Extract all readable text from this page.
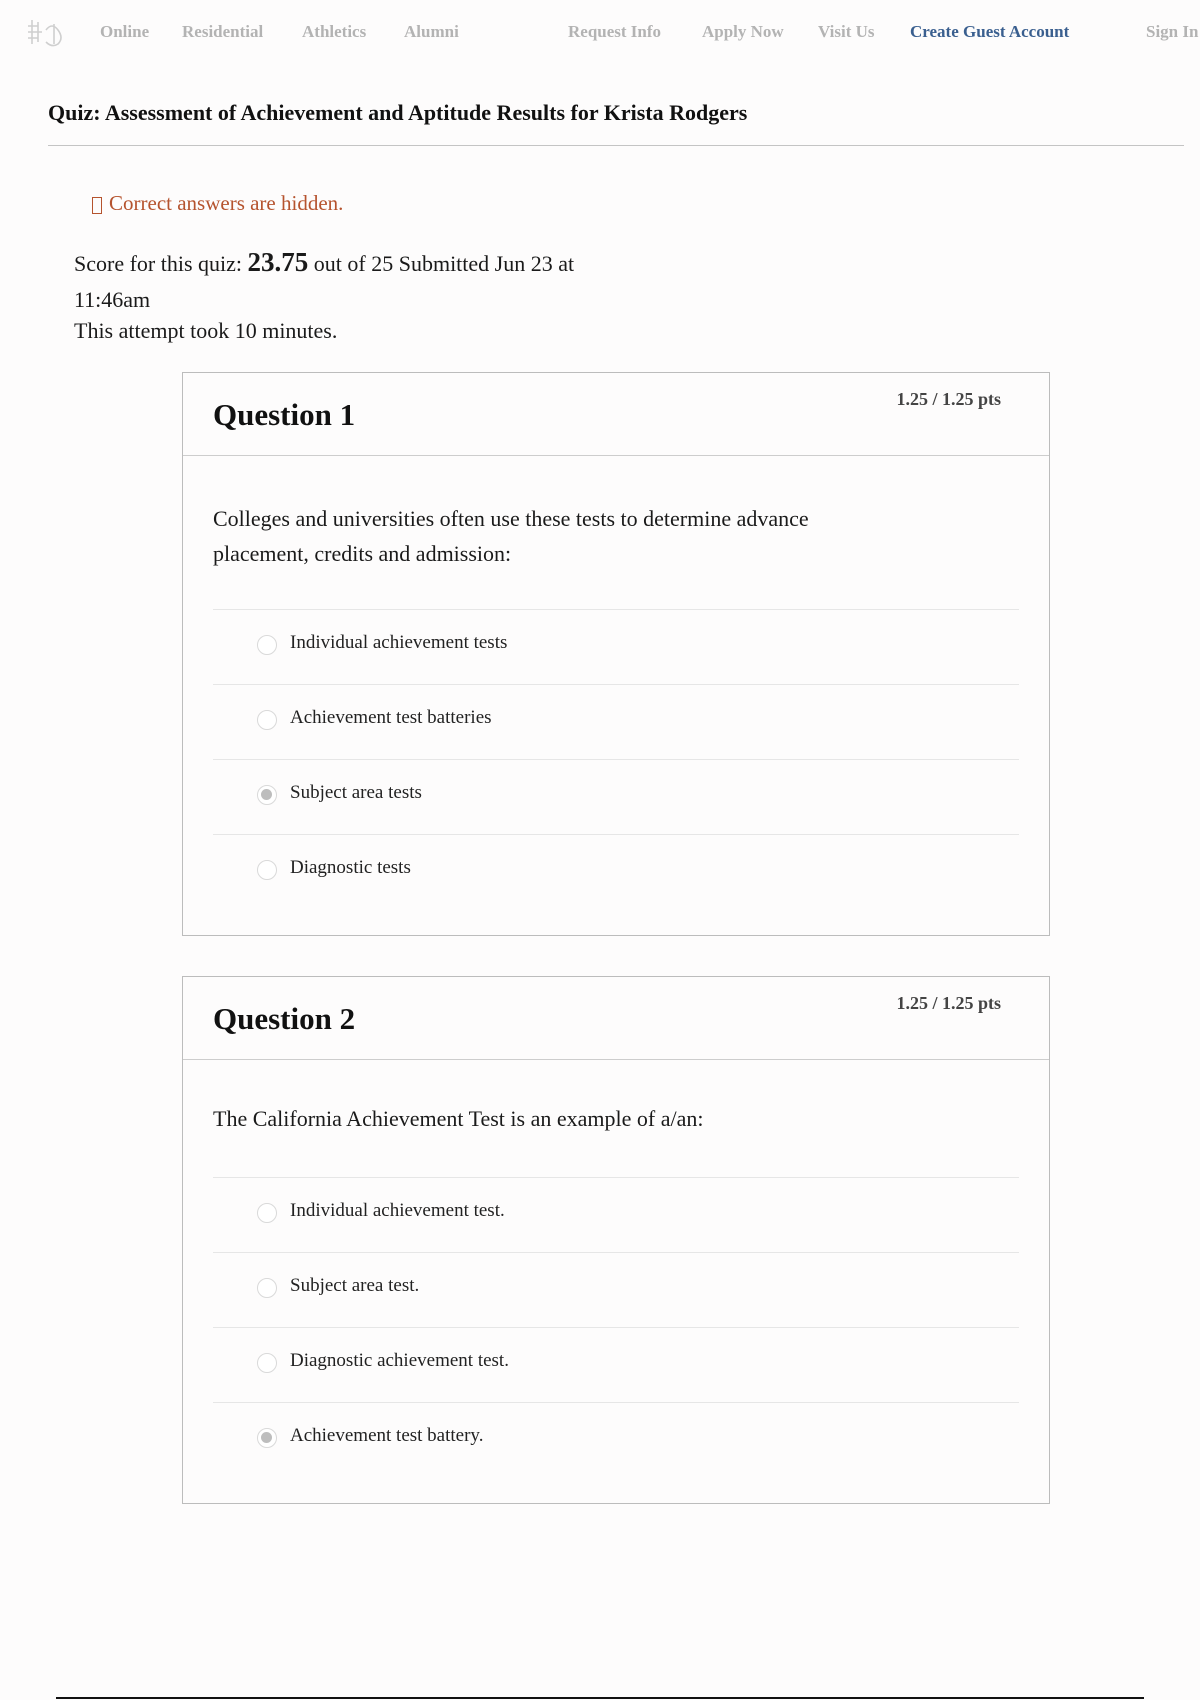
Online Residential Athletics Alumni	Request Info Apply Now Visit Us Create Guest Account	Sign In
Quiz: Assessment of Achievement and Aptitude Results for Krista Rodgers
Correct answers are hidden.
Score for this quiz: 23.75 out of 25 Submitted Jun 23 at 11:46am
This attempt took 10 minutes.
Question 1	1.25 / 1.25 pts
Colleges and universities often use these tests to determine advance placement, credits and admission:
Individual achievement tests
Achievement test batteries
Subject area tests
Diagnostic tests
Question 2	1.25 / 1.25 pts
The California Achievement Test is an example of a/an:
Individual achievement test.
Subject area test.
Diagnostic achievement test.
Achievement test battery.
